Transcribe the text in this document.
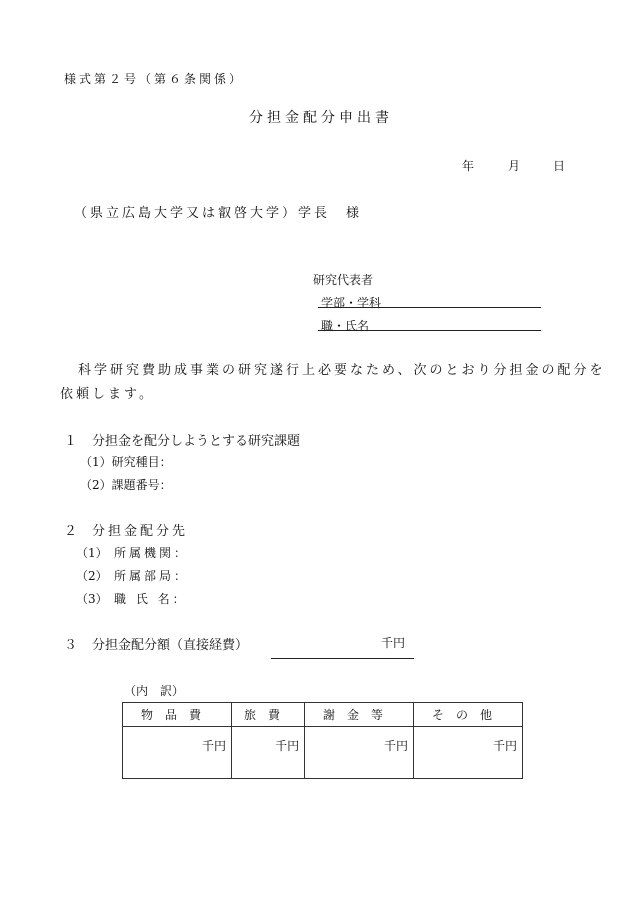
様式第２号（第６条関係）
分担金配分申出書
年	月	日
（県立広島大学又は叡啓大学）学長　様
研究代表者
学部・学科
職・氏名
科学研究費助成事業の研究遂行上必要なため、次のとおり分担金の配分を
依頼します。
１ 分担金を配分しようとする研究課題
（1）研究種目：
（2）課題番号：
２ 分担金配分先
（1） 所属機関：
（2） 所属部局：
（3） 職 氏 名：
３ 分担金配分額（直接経費）	千円
（内　訳）
物品費	旅費	謝金等	その他
千円	千円	千円	千円
